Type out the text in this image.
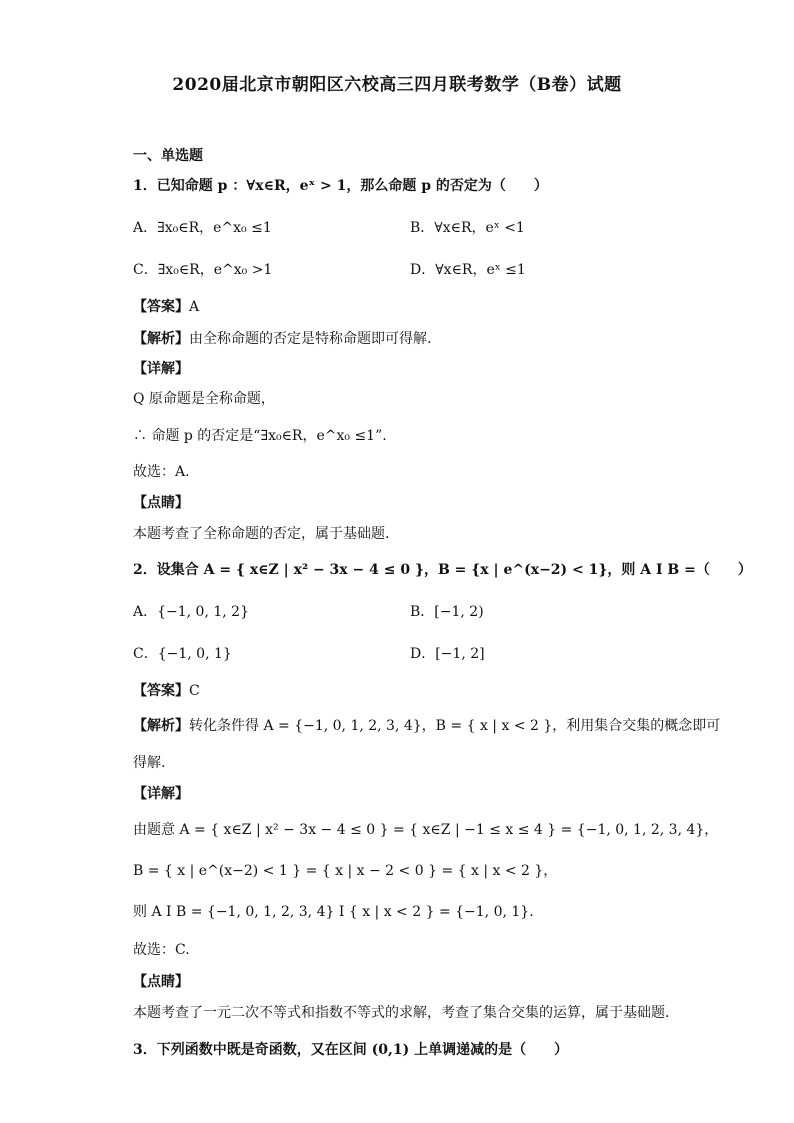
2020届北京市朝阳区六校高三四月联考数学（B卷）试题
一、单选题
1．已知命题 p ：∀x∈R，eˣ > 1，那么命题 p 的否定为（　　）
A．∃x₀∈R，e^x₀ ≤1	B．∀x∈R，eˣ <1
C．∃x₀∈R，e^x₀ >1	D．∀x∈R，eˣ ≤1
【答案】A
【解析】由全称命题的否定是特称命题即可得解.
【详解】
Q 原命题是全称命题，
∴ 命题 p 的否定是“∃x₀∈R，e^x₀ ≤1”.
故选：A.
【点睛】
本题考查了全称命题的否定，属于基础题.
2．设集合 A = { x∈Z | x² − 3x − 4 ≤ 0 }，B = {x | e^(x−2) < 1}，则 A I B =（　　）
A．{−1, 0, 1, 2}	B．[−1, 2)
C．{−1, 0, 1}	D．[−1, 2]
【答案】C
【解析】转化条件得 A = {−1, 0, 1, 2, 3, 4}，B = { x | x < 2 }，利用集合交集的概念即可
得解.
【详解】
由题意 A = { x∈Z | x² − 3x − 4 ≤ 0 } = { x∈Z | −1 ≤ x ≤ 4 } = {−1, 0, 1, 2, 3, 4}，
B = { x | e^(x−2) < 1 } = { x | x − 2 < 0 } = { x | x < 2 }，
则 A I B = {−1, 0, 1, 2, 3, 4} I { x | x < 2 } = {−1, 0, 1}.
故选：C.
【点睛】
本题考查了一元二次不等式和指数不等式的求解，考查了集合交集的运算，属于基础题.
3．下列函数中既是奇函数，又在区间 (0,1) 上单调递减的是（　　）
